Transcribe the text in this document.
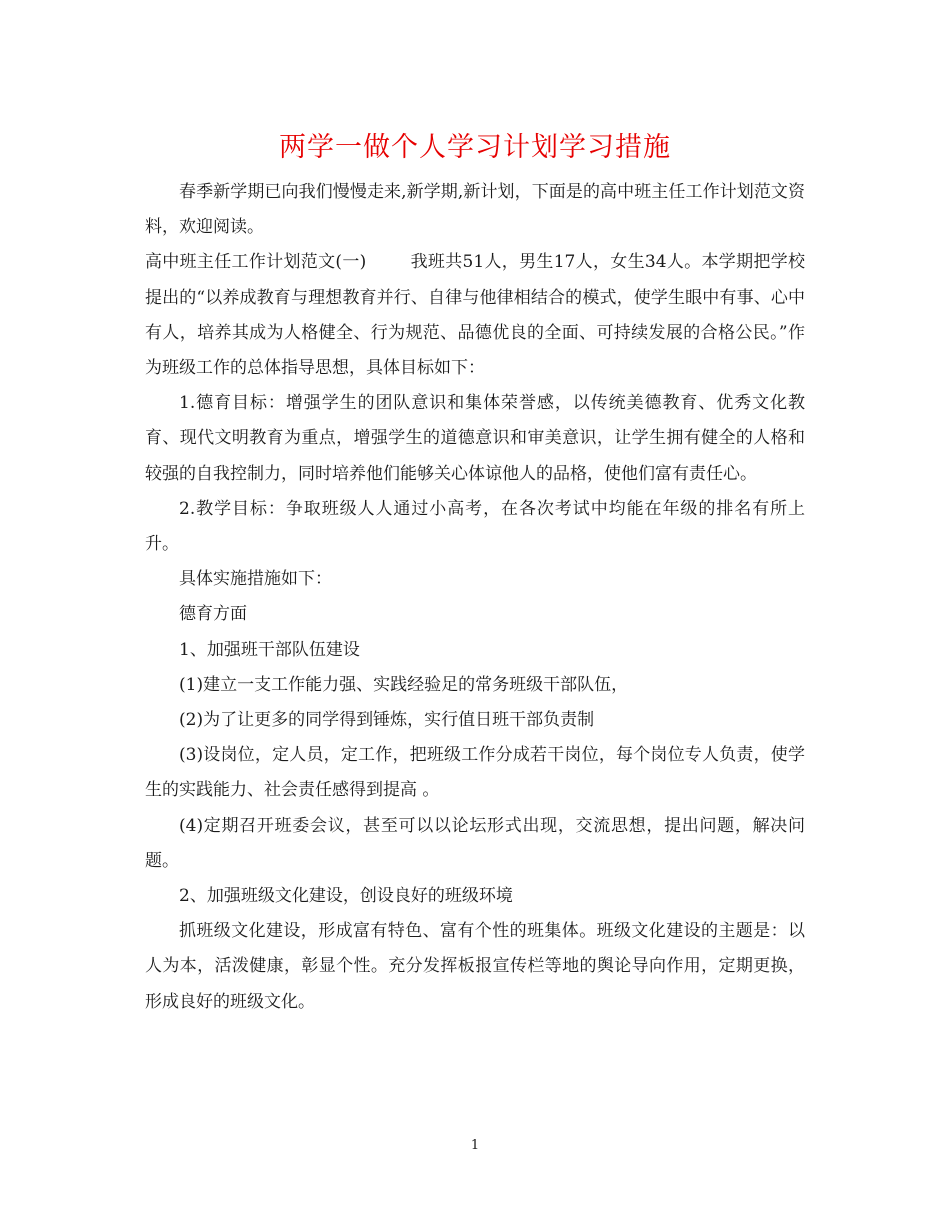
两学一做个人学习计划学习措施

春季新学期已向我们慢慢走来,新学期,新计划，下面是的高中班主任工作计划范文资料，欢迎阅读。

高中班主任工作计划范文(一)	我班共51人，男生17人，女生34人。本学期把学校提出的“以养成教育与理想教育并行、自律与他律相结合的模式，使学生眼中有事、心中有人，培养其成为人格健全、行为规范、品德优良的全面、可持续发展的合格公民。”作为班级工作的总体指导思想，具体目标如下：

1.德育目标：增强学生的团队意识和集体荣誉感，以传统美德教育、优秀文化教育、现代文明教育为重点，增强学生的道德意识和审美意识，让学生拥有健全的人格和较强的自我控制力，同时培养他们能够关心体谅他人的品格，使他们富有责任心。

2.教学目标：争取班级人人通过小高考，在各次考试中均能在年级的排名有所上升。

具体实施措施如下：

德育方面

1、加强班干部队伍建设

(1)建立一支工作能力强、实践经验足的常务班级干部队伍，

(2)为了让更多的同学得到锤炼，实行值日班干部负责制

(3)设岗位，定人员，定工作，把班级工作分成若干岗位，每个岗位专人负责，使学生的实践能力、社会责任感得到提高 。

(4)定期召开班委会议，甚至可以以论坛形式出现，交流思想，提出问题，解决问题。

2、加强班级文化建设，创设良好的班级环境

抓班级文化建设，形成富有特色、富有个性的班集体。班级文化建设的主题是：以人为本，活泼健康，彰显个性。充分发挥板报宣传栏等地的舆论导向作用，定期更换，形成良好的班级文化。

1
